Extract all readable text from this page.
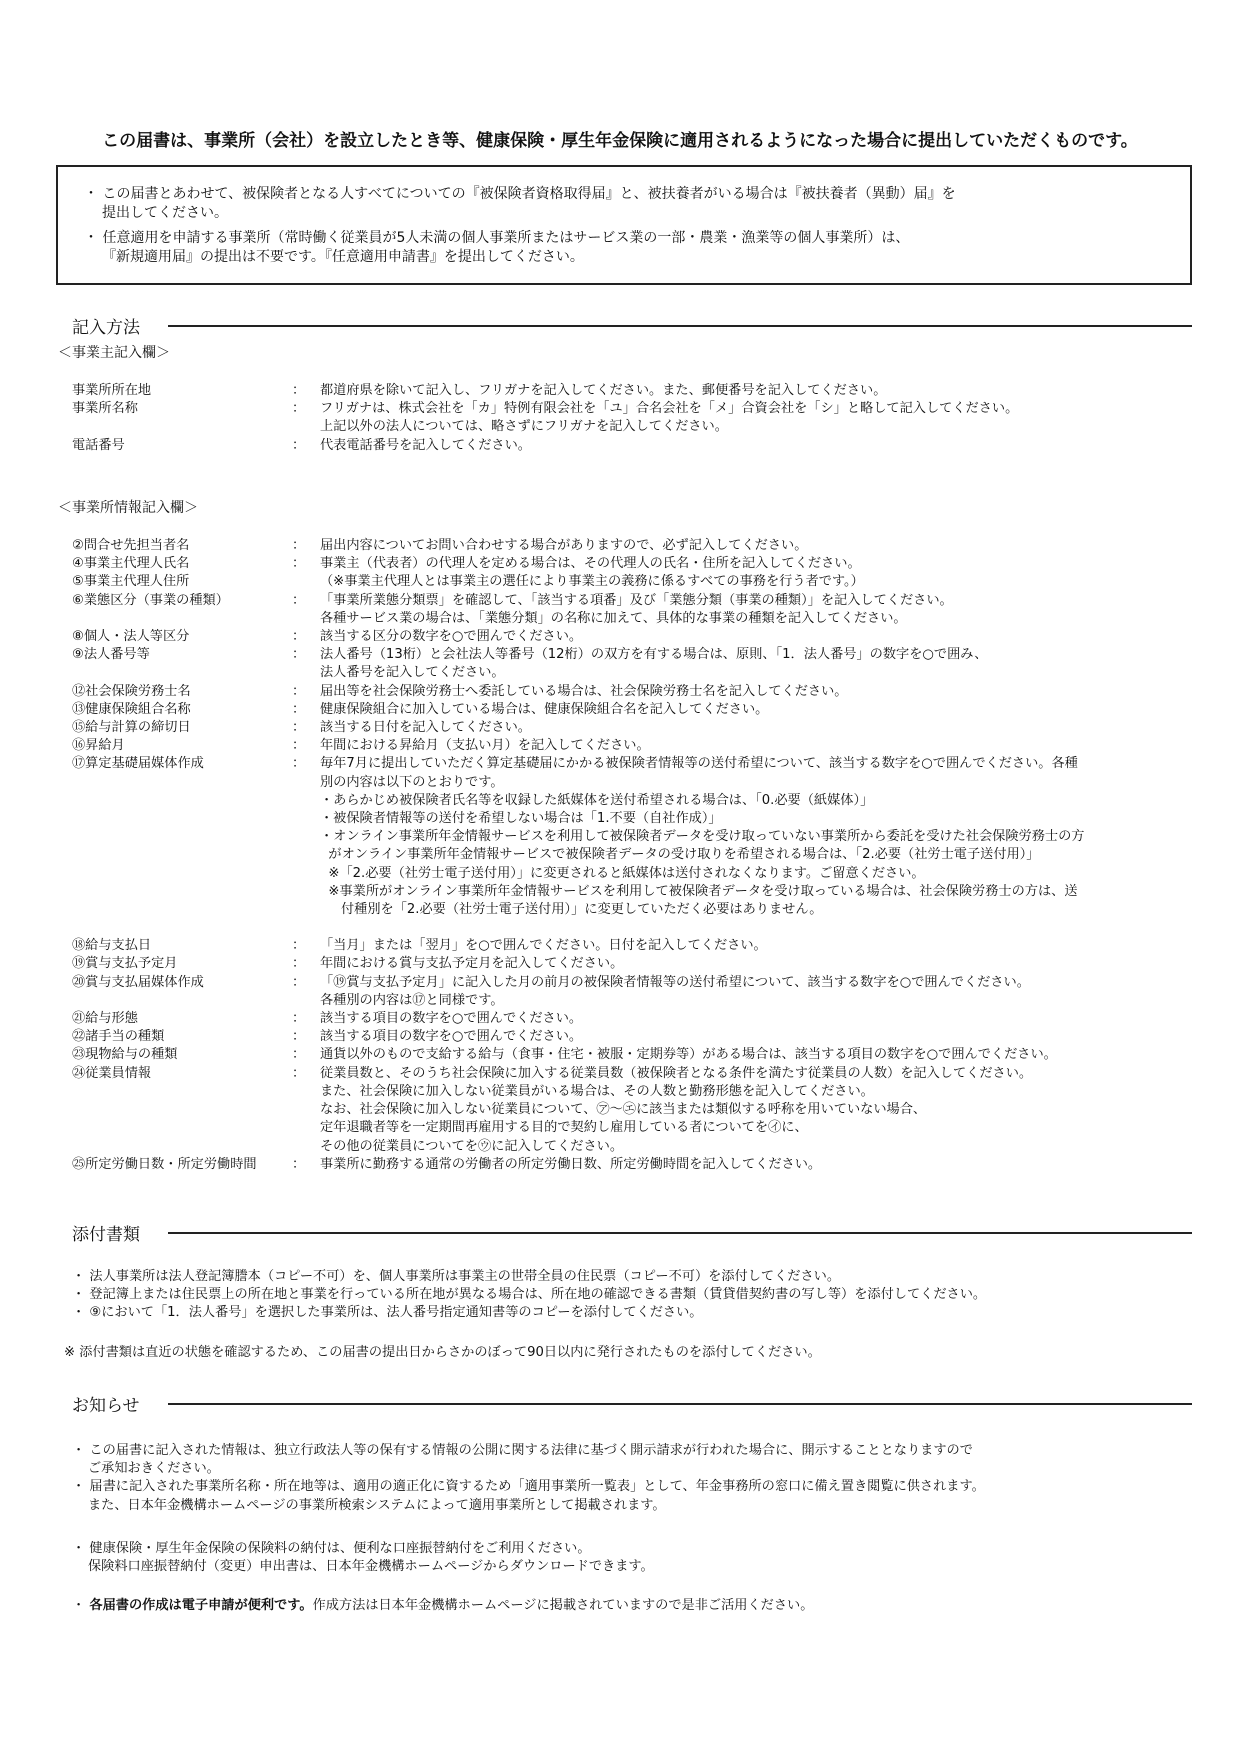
この届書は、事業所（会社）を設立したとき等、健康保険・厚生年金保険に適用されるようになった場合に提出していただくものです。

・ この届書とあわせて、被保険者となる人すべてについての『被保険者資格取得届』と、被扶養者がいる場合は『被扶養者（異動）届』を
提出してください。

・ 任意適用を申請する事業所（常時働く従業員が5人未満の個人事業所またはサービス業の一部・農業・漁業等の個人事業所）は、
『新規適用届』の提出は不要です。『任意適用申請書』を提出してください。

記入方法
＜事業主記入欄＞
事業所所在地	：	都道府県を除いて記入し、フリガナを記入してください。また、郵便番号を記入してください。
事業所名称	：	フリガナは、株式会社を「カ」特例有限会社を「ユ」合名会社を「メ」合資会社を「シ」と略して記入してください。
上記以外の法人については、略さずにフリガナを記入してください。
電話番号	：	代表電話番号を記入してください。
＜事業所情報記入欄＞
②問合せ先担当者名	：	届出内容についてお問い合わせする場合がありますので、必ず記入してください。
④事業主代理人氏名	：	事業主（代表者）の代理人を定める場合は、その代理人の氏名・住所を記入してください。
⑤事業主代理人住所	（※事業主代理人とは事業主の選任により事業主の義務に係るすべての事務を行う者です。）
⑥業態区分（事業の種類）	：	「事業所業態分類票」を確認して、「該当する項番」及び「業態分類（事業の種類）」を記入してください。
各種サービス業の場合は、「業態分類」の名称に加えて、具体的な事業の種類を記入してください。
⑧個人・法人等区分	：	該当する区分の数字を○で囲んでください。
⑨法人番号等	：	法人番号（13桁）と会社法人等番号（12桁）の双方を有する場合は、原則、「1．法人番号」の数字を○で囲み、
法人番号を記入してください。
⑫社会保険労務士名	：	届出等を社会保険労務士へ委託している場合は、社会保険労務士名を記入してください。
⑬健康保険組合名称	：	健康保険組合に加入している場合は、健康保険組合名を記入してください。
⑮給与計算の締切日	：	該当する日付を記入してください。
⑯昇給月	：	年間における昇給月（支払い月）を記入してください。
⑰算定基礎届媒体作成	：	毎年7月に提出していただく算定基礎届にかかる被保険者情報等の送付希望について、該当する数字を○で囲んでください。各種
別の内容は以下のとおりです。
・あらかじめ被保険者氏名等を収録した紙媒体を送付希望される場合は、「0.必要（紙媒体）」
・被保険者情報等の送付を希望しない場合は「1.不要（自社作成）」
・オンライン事業所年金情報サービスを利用して被保険者データを受け取っていない事業所から委託を受けた社会保険労務士の方
がオンライン事業所年金情報サービスで被保険者データの受け取りを希望される場合は、「2.必要（社労士電子送付用）」
※「2.必要（社労士電子送付用）」に変更されると紙媒体は送付されなくなります。ご留意ください。
※事業所がオンライン事業所年金情報サービスを利用して被保険者データを受け取っている場合は、社会保険労務士の方は、送
付種別を「2.必要（社労士電子送付用）」に変更していただく必要はありません。
⑱給与支払日	：	「当月」または「翌月」を○で囲んでください。日付を記入してください。
⑲賞与支払予定月	：	年間における賞与支払予定月を記入してください。
⑳賞与支払届媒体作成	：	「⑲賞与支払予定月」に記入した月の前月の被保険者情報等の送付希望について、該当する数字を○で囲んでください。
各種別の内容は⑰と同様です。
㉑給与形態	：	該当する項目の数字を○で囲んでください。
㉒諸手当の種類	：	該当する項目の数字を○で囲んでください。
㉓現物給与の種類	：	通貨以外のもので支給する給与（食事・住宅・被服・定期券等）がある場合は、該当する項目の数字を○で囲んでください。
㉔従業員情報	：	従業員数と、そのうち社会保険に加入する従業員数（被保険者となる条件を満たす従業員の人数）を記入してください。
また、社会保険に加入しない従業員がいる場合は、その人数と勤務形態を記入してください。
なお、社会保険に加入しない従業員について、㋐～㋓に該当または類似する呼称を用いていない場合、
定年退職者等を一定期間再雇用する目的で契約し雇用している者についてを㋑に、
その他の従業員についてを㋒に記入してください。
㉕所定労働日数・所定労働時間	：	事業所に勤務する通常の労働者の所定労働日数、所定労働時間を記入してください。
添付書類
・ 法人事業所は法人登記簿謄本（コピー不可）を、個人事業所は事業主の世帯全員の住民票（コピー不可）を添付してください。
・ 登記簿上または住民票上の所在地と事業を行っている所在地が異なる場合は、所在地の確認できる書類（賃貸借契約書の写し等）を添付してください。
・ ⑨において「1．法人番号」を選択した事業所は、法人番号指定通知書等のコピーを添付してください。
※ 添付書類は直近の状態を確認するため、この届書の提出日からさかのぼって90日以内に発行されたものを添付してください。
お知らせ
・ この届書に記入された情報は、独立行政法人等の保有する情報の公開に関する法律に基づく開示請求が行われた場合に、開示することとなりますので
ご承知おきください。
・ 届書に記入された事業所名称・所在地等は、適用の適正化に資するため「適用事業所一覧表」として、年金事務所の窓口に備え置き閲覧に供されます。
また、日本年金機構ホームページの事業所検索システムによって適用事業所として掲載されます。
・ 健康保険・厚生年金保険の保険料の納付は、便利な口座振替納付をご利用ください。
保険料口座振替納付（変更）申出書は、日本年金機構ホームページからダウンロードできます。
・ 各届書の作成は電子申請が便利です。作成方法は日本年金機構ホームページに掲載されていますので是非ご活用ください。
